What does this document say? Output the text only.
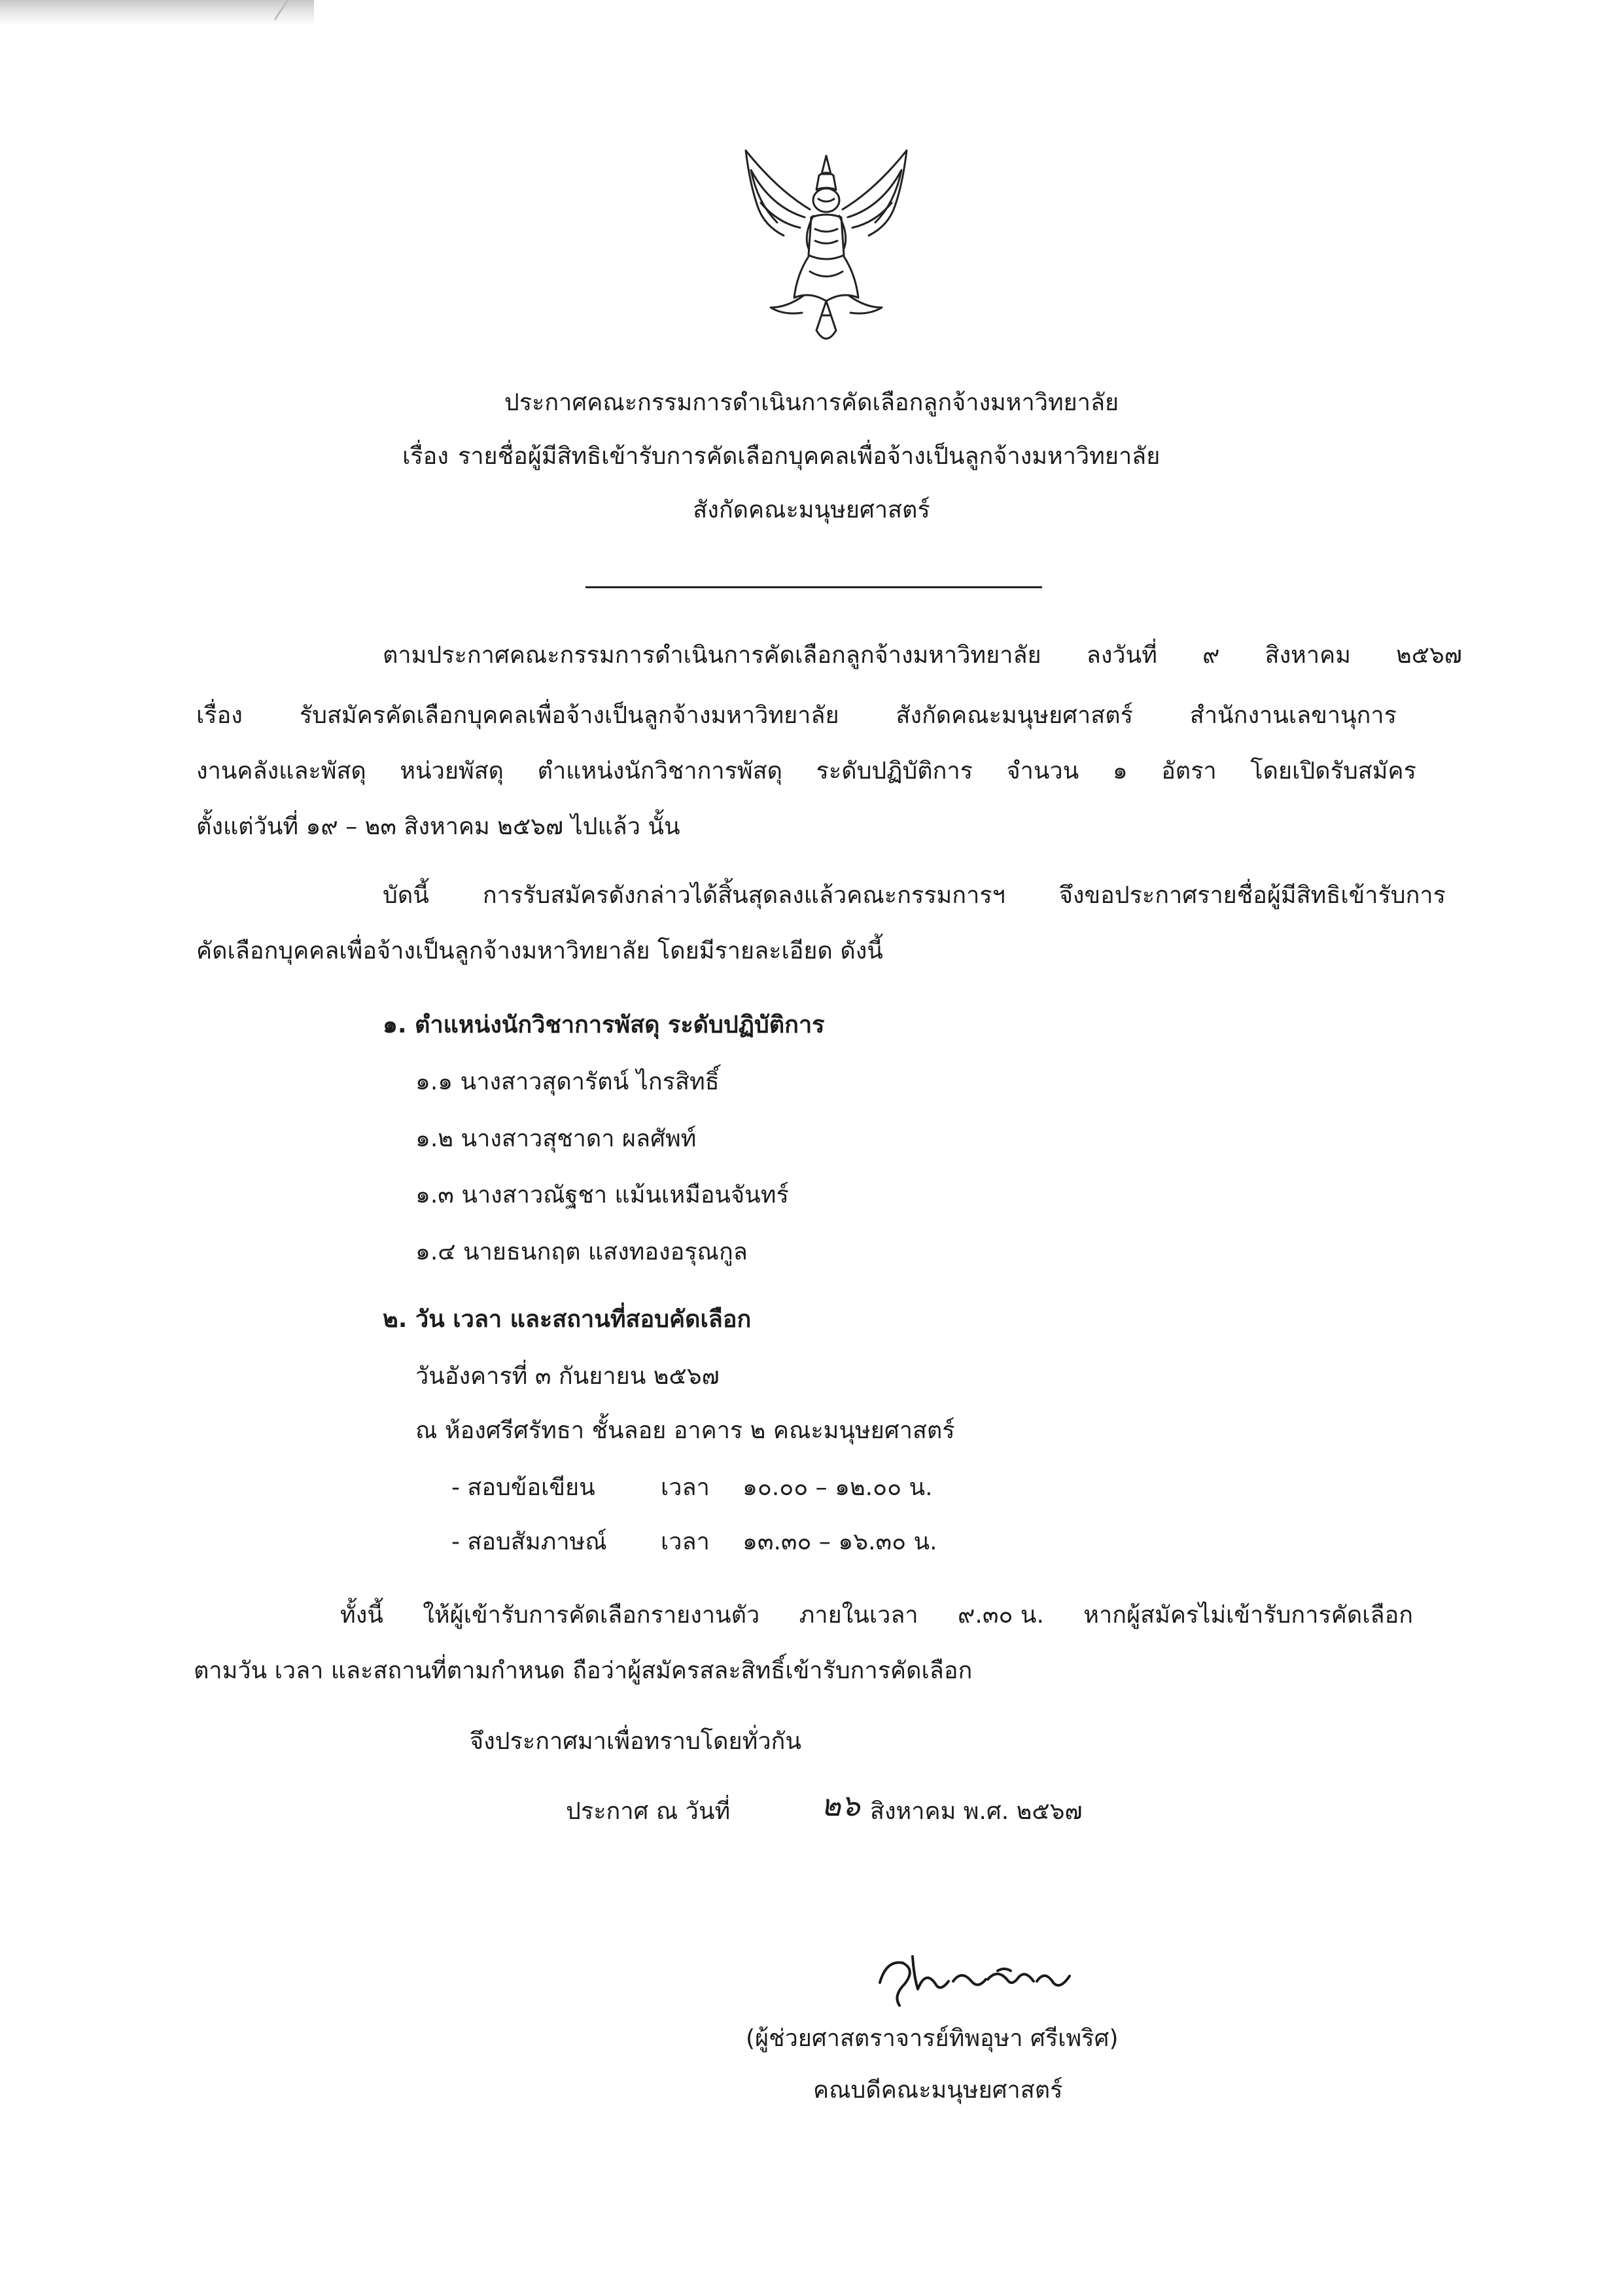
ประกาศคณะกรรมการดำเนินการคัดเลือกลูกจ้างมหาวิทยาลัย
เรื่อง รายชื่อผู้มีสิทธิเข้ารับการคัดเลือกบุคคลเพื่อจ้างเป็นลูกจ้างมหาวิทยาลัย
สังกัดคณะมนุษยศาสตร์
ตามประกาศคณะกรรมการดำเนินการคัดเลือกลูกจ้างมหาวิทยาลัย ลงวันที่ ๙ สิงหาคม ๒๕๖๗
เรื่อง รับสมัครคัดเลือกบุคคลเพื่อจ้างเป็นลูกจ้างมหาวิทยาลัย สังกัดคณะมนุษยศาสตร์ สำนักงานเลขานุการ
งานคลังและพัสดุ หน่วยพัสดุ ตำแหน่งนักวิชาการพัสดุ ระดับปฏิบัติการ จำนวน ๑ อัตรา โดยเปิดรับสมัคร
ตั้งแต่วันที่ ๑๙ – ๒๓ สิงหาคม ๒๕๖๗ ไปแล้ว นั้น
บัดนี้ การรับสมัครดังกล่าวได้สิ้นสุดลงแล้วคณะกรรมการฯ จึงขอประกาศรายชื่อผู้มีสิทธิเข้ารับการ
คัดเลือกบุคคลเพื่อจ้างเป็นลูกจ้างมหาวิทยาลัย โดยมีรายละเอียด ดังนี้
๑. ตำแหน่งนักวิชาการพัสดุ ระดับปฏิบัติการ
๑.๑ นางสาวสุดารัตน์ ไกรสิทธิ์
๑.๒ นางสาวสุชาดา ผลศัพท์
๑.๓ นางสาวณัฐชา แม้นเหมือนจันทร์
๑.๔ นายธนกฤต แสงทองอรุณกูล
๒. วัน เวลา และสถานที่สอบคัดเลือก
วันอังคารที่ ๓ กันยายน ๒๕๖๗
ณ ห้องศรีศรัทธา ชั้นลอย อาคาร ๒ คณะมนุษยศาสตร์
- สอบข้อเขียน	เวลา ๑๐.๐๐ – ๑๒.๐๐ น.
- สอบสัมภาษณ์ เวลา ๑๓.๓๐ – ๑๖.๓๐ น.
ทั้งนี้ ให้ผู้เข้ารับการคัดเลือกรายงานตัว ภายในเวลา ๙.๓๐ น. หากผู้สมัครไม่เข้ารับการคัดเลือก
ตามวัน เวลา และสถานที่ตามกำหนด ถือว่าผู้สมัครสละสิทธิ์เข้ารับการคัดเลือก
จึงประกาศมาเพื่อทราบโดยทั่วกัน
ประกาศ ณ วันที่	๒๖ สิงหาคม พ.ศ. ๒๕๖๗
(ผู้ช่วยศาสตราจารย์ทิพอุษา ศรีเพริศ)
คณบดีคณะมนุษยศาสตร์
